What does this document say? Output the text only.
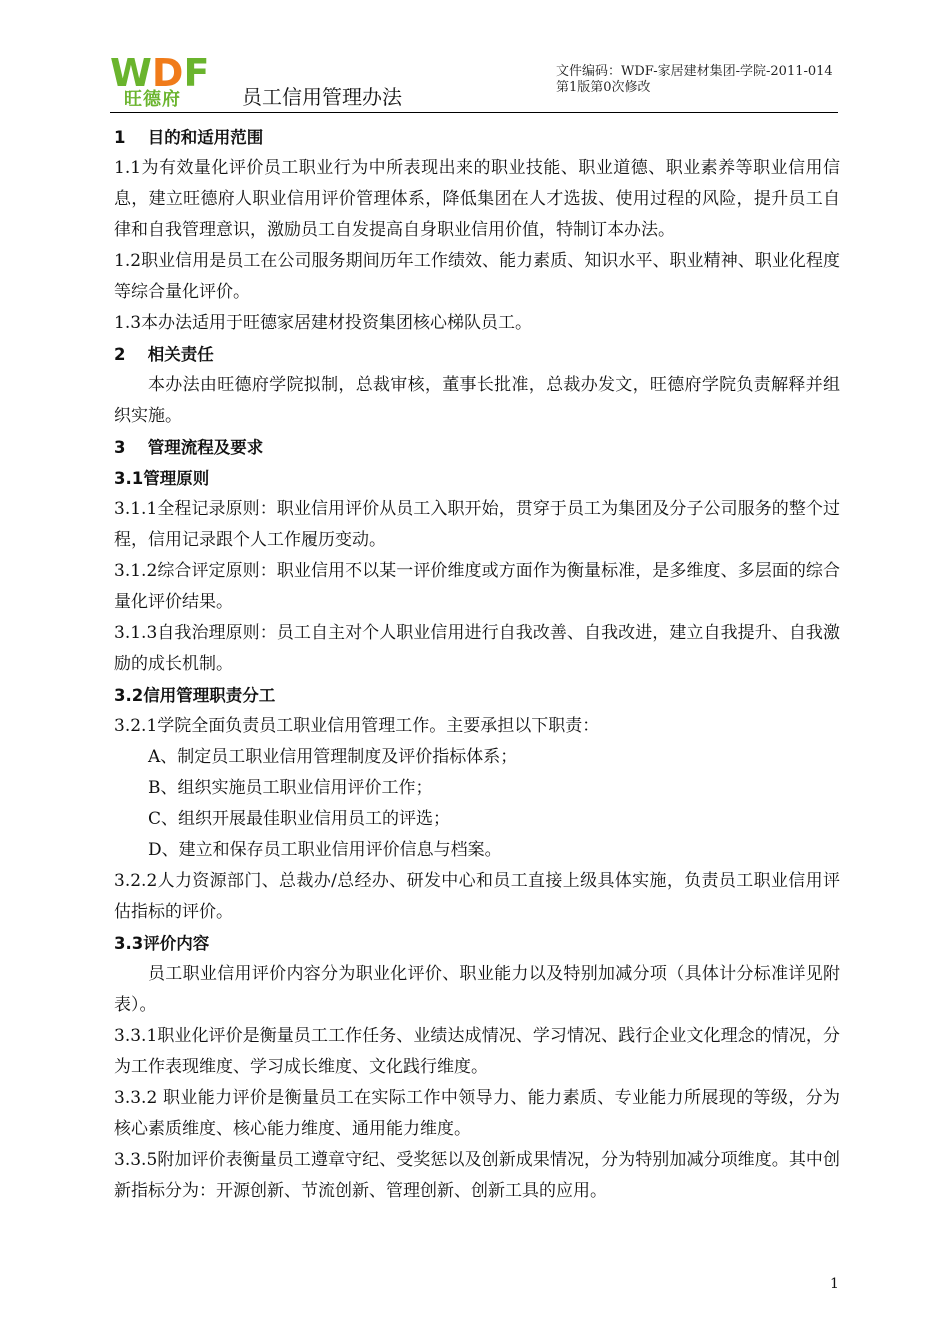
W D F
旺德府	员工信用管理办法
文件编码：WDF-家居建材集团-学院-2011-014
第1版第0次修改

1　 目的和适用范围

1.1为有效量化评价员工职业行为中所表现出来的职业技能、职业道德、职业素养等职业信用信息，建立旺德府人职业信用评价管理体系，降低集团在人才选拔、使用过程的风险，提升员工自律和自我管理意识，激励员工自发提高自身职业信用价值，特制订本办法。

1.2职业信用是员工在公司服务期间历年工作绩效、能力素质、知识水平、职业精神、职业化程度等综合量化评价。

1.3本办法适用于旺德家居建材投资集团核心梯队员工。

2　 相关责任

本办法由旺德府学院拟制，总裁审核，董事长批准，总裁办发文，旺德府学院负责解释并组织实施。

3　 管理流程及要求

3.1管理原则

3.1.1全程记录原则：职业信用评价从员工入职开始，贯穿于员工为集团及分子公司服务的整个过程，信用记录跟个人工作履历变动。

3.1.2综合评定原则：职业信用不以某一评价维度或方面作为衡量标准，是多维度、多层面的综合量化评价结果。

3.1.3自我治理原则：员工自主对个人职业信用进行自我改善、自我改进，建立自我提升、自我激励的成长机制。

3.2信用管理职责分工

3.2.1学院全面负责员工职业信用管理工作。主要承担以下职责：

A、制定员工职业信用管理制度及评价指标体系；

B、组织实施员工职业信用评价工作；

C、组织开展最佳职业信用员工的评选；

D、建立和保存员工职业信用评价信息与档案。

3.2.2人力资源部门、总裁办/总经办、研发中心和员工直接上级具体实施，负责员工职业信用评估指标的评价。

3.3评价内容

员工职业信用评价内容分为职业化评价、职业能力以及特别加减分项（具体计分标准详见附表）。

3.3.1职业化评价是衡量员工工作任务、业绩达成情况、学习情况、践行企业文化理念的情况，分为工作表现维度、学习成长维度、文化践行维度。

3.3.2 职业能力评价是衡量员工在实际工作中领导力、能力素质、专业能力所展现的等级，分为核心素质维度、核心能力维度、通用能力维度。

3.3.5附加评价表衡量员工遵章守纪、受奖惩以及创新成果情况，分为特别加减分项维度。其中创新指标分为：开源创新、节流创新、管理创新、创新工具的应用。

1
